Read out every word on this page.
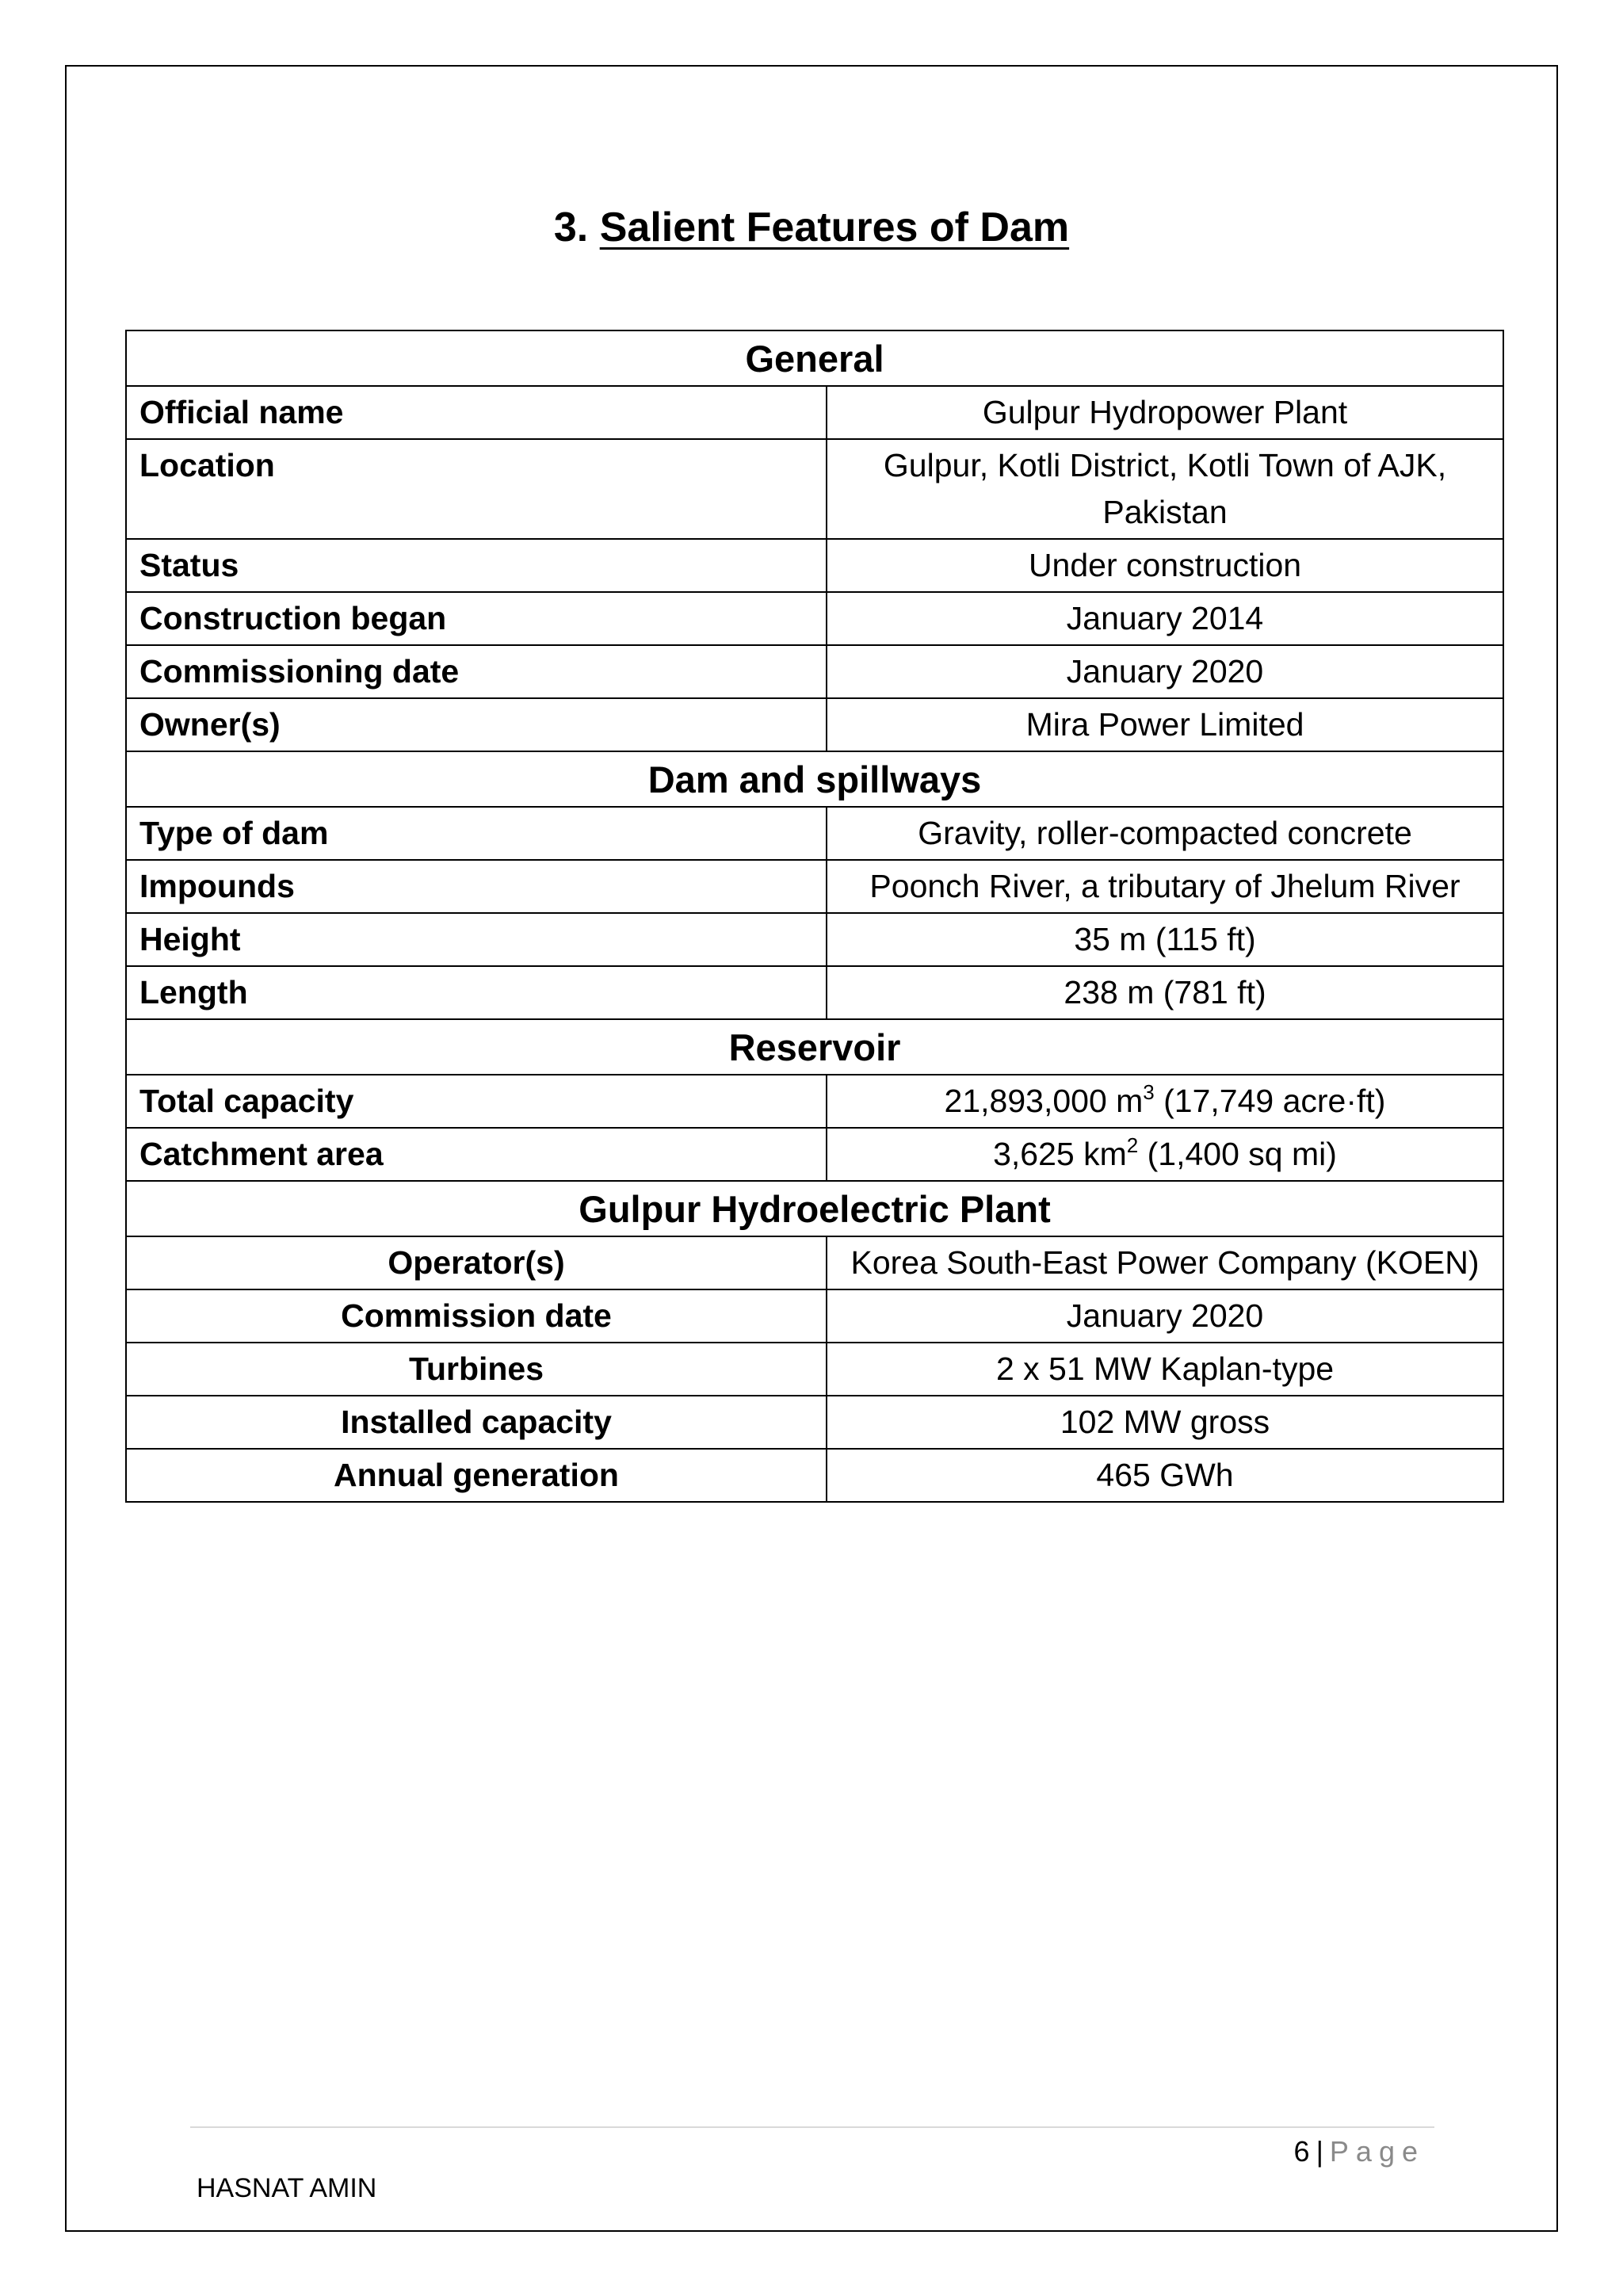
3. Salient Features of Dam
General	
Official name	Gulpur Hydropower Plant
Location	Gulpur, Kotli District, Kotli Town of AJK, Pakistan
Status	Under construction
Construction began	January 2014
Commissioning date	January 2020
Owner(s)	Mira Power Limited
Dam and spillways	
Type of dam	Gravity, roller-compacted concrete
Impounds	Poonch River, a tributary of Jhelum River
Height	35 m (115 ft)
Length	238 m (781 ft)
Reservoir	
Total capacity	21,893,000 $m^3$ (17,749 acre·ft)
Catchment area	3,625 $km^2$ (1,400 sq mi)
Gulpur Hydroelectric Plant	
Operator(s)	Korea South-East Power Company (KOEN)
Commission date	January 2020
Turbines	2 x 51 MW Kaplan-type
Installed capacity	102 MW gross
Annual generation	465 GWh
6 | Page
HASNAT AMIN
